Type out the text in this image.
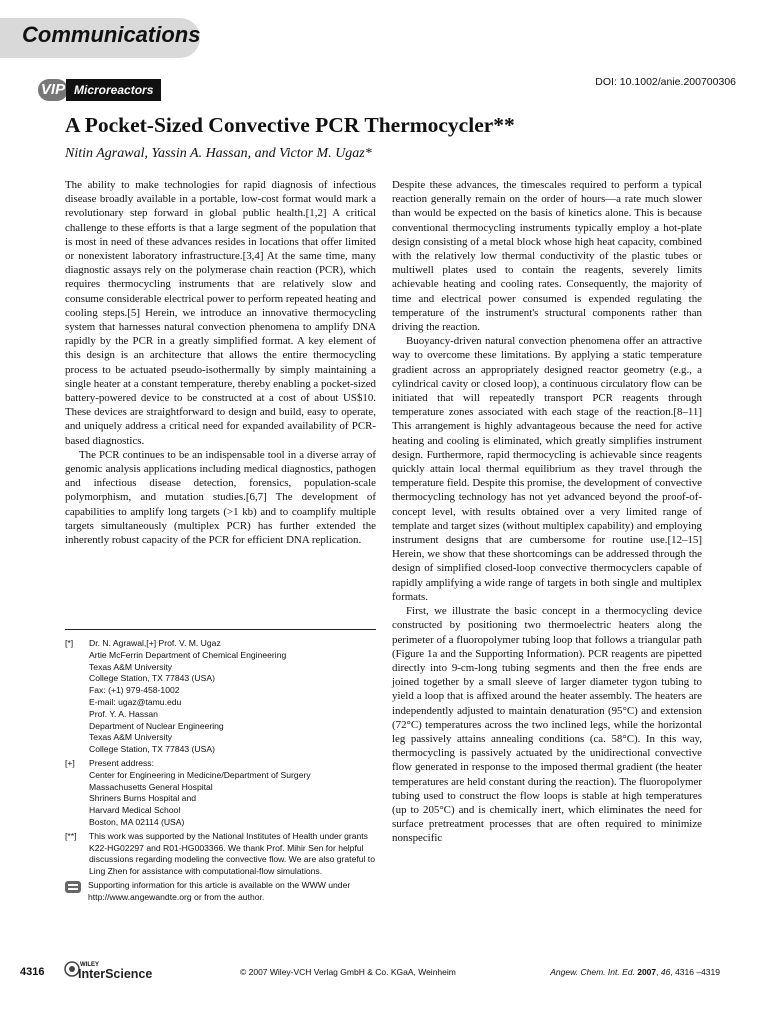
Communications
VIP Microreactors
DOI: 10.1002/anie.200700306
A Pocket-Sized Convective PCR Thermocycler**
Nitin Agrawal, Yassin A. Hassan, and Victor M. Ugaz*

The ability to make technologies for rapid diagnosis of infectious disease broadly available in a portable, low-cost format would mark a revolutionary step forward in global public health.[1,2] A critical challenge to these efforts is that a large segment of the population that is most in need of these advances resides in locations that offer limited or nonexistent laboratory infrastructure.[3,4] At the same time, many diagnostic assays rely on the polymerase chain reaction (PCR), which requires thermocycling instruments that are relatively slow and consume considerable electrical power to perform repeated heating and cooling steps.[5] Herein, we introduce an innovative thermocycling system that harnesses natural convection phenomena to amplify DNA rapidly by the PCR in a greatly simplified format. A key element of this design is an architecture that allows the entire thermocycling process to be actuated pseudo-isothermally by simply maintaining a single heater at a constant temperature, thereby enabling a pocket-sized battery-powered device to be constructed at a cost of about US$10. These devices are straightforward to design and build, easy to operate, and uniquely address a critical need for expanded availability of PCR-based diagnostics.

The PCR continues to be an indispensable tool in a diverse array of genomic analysis applications including medical diagnostics, pathogen and infectious disease detection, forensics, population-scale polymorphism, and mutation studies.[6,7] The development of capabilities to amplify long targets (>1 kb) and to coamplify multiple targets simultaneously (multiplex PCR) has further extended the inherently robust capacity of the PCR for efficient DNA replication.

Despite these advances, the timescales required to perform a typical reaction generally remain on the order of hours—a rate much slower than would be expected on the basis of kinetics alone. This is because conventional thermocycling instruments typically employ a hot-plate design consisting of a metal block whose high heat capacity, combined with the relatively low thermal conductivity of the plastic tubes or multiwell plates used to contain the reagents, severely limits achievable heating and cooling rates. Consequently, the majority of time and electrical power consumed is expended regulating the temperature of the instrument's structural components rather than driving the reaction.

Buoyancy-driven natural convection phenomena offer an attractive way to overcome these limitations. By applying a static temperature gradient across an appropriately designed reactor geometry (e.g., a cylindrical cavity or closed loop), a continuous circulatory flow can be initiated that will repeatedly transport PCR reagents through temperature zones associated with each stage of the reaction.[8–11] This arrangement is highly advantageous because the need for active heating and cooling is eliminated, which greatly simplifies instrument design. Furthermore, rapid thermocycling is achievable since reagents quickly attain local thermal equilibrium as they travel through the temperature field. Despite this promise, the development of convective thermocycling technology has not yet advanced beyond the proof-of-concept level, with results obtained over a very limited range of template and target sizes (without multiplex capability) and employing instrument designs that are cumbersome for routine use.[12–15] Herein, we show that these shortcomings can be addressed through the design of simplified closed-loop convective thermocyclers capable of rapidly amplifying a wide range of targets in both single and multiplex formats.

First, we illustrate the basic concept in a thermocycling device constructed by positioning two thermoelectric heaters along the perimeter of a fluoropolymer tubing loop that follows a triangular path (Figure 1a and the Supporting Information). PCR reagents are pipetted directly into 9-cm-long tubing segments and then the free ends are joined together by a small sleeve of larger diameter tygon tubing to yield a loop that is affixed around the heater assembly. The heaters are independently adjusted to maintain denaturation (95°C) and extension (72°C) temperatures across the two inclined legs, while the horizontal leg passively attains annealing conditions (ca. 58°C). In this way, thermocycling is passively actuated by the unidirectional convective flow generated in response to the imposed thermal gradient (the heater temperatures are held constant during the reaction). The fluoropolymer tubing used to construct the flow loops is stable at high temperatures (up to 205°C) and is chemically inert, which eliminates the need for surface pretreatment processes that are often required to minimize nonspecific

[*]	Dr. N. Agrawal,[+] Prof. V. M. Ugaz
Artie McFerrin Department of Chemical Engineering
Texas A&M University
College Station, TX 77843 (USA)
Fax: (+1) 979-458-1002
E-mail: ugaz@tamu.edu
Prof. Y. A. Hassan
Department of Nuclear Engineering
Texas A&M University
College Station, TX 77843 (USA)
[+]	Present address:
Center for Engineering in Medicine/Department of Surgery
Massachusetts General Hospital
Shriners Burns Hospital and
Harvard Medical School
Boston, MA 02114 (USA)
[**]	This work was supported by the National Institutes of Health under grants K22-HG02297 and R01-HG003366. We thank Prof. Mihir Sen for helpful discussions regarding modeling the convective flow. We are also grateful to Ling Zhen for assistance with computational-flow simulations.
Supporting information for this article is available on the WWW under http://www.angewandte.org or from the author.
4316
WILEY
InterScience	© 2007 Wiley-VCH Verlag GmbH & Co. KGaA, Weinheim	Angew. Chem. Int. Ed. 2007, 46, 4316 –4319
